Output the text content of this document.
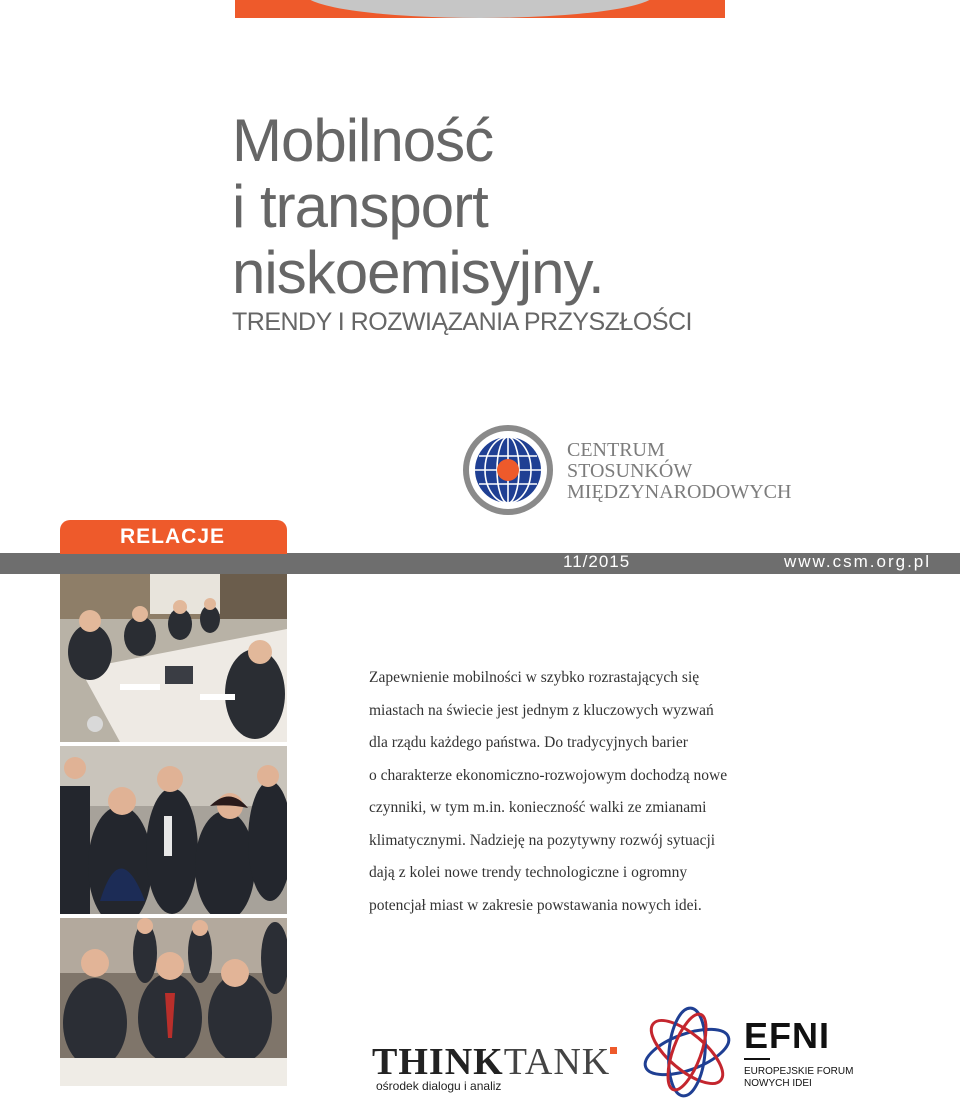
Mobilność
i transport
niskoemisyjny.
TRENDY I ROZWIĄZANIA PRZYSZŁOŚCI
CENTRUM
STOSUNKÓW
MIĘDZYNARODOWYCH
RELACJE
11/2015	www.csm.org.pl
Zapewnienie mobilności w szybko rozrastających się
miastach na świecie jest jednym z kluczowych wyzwań
dla rządu każdego państwa. Do tradycyjnych barier
o charakterze ekonomiczno-rozwojowym dochodzą nowe
czynniki, w tym m.in. konieczność walki ze zmianami
klimatycznymi. Nadzieję na pozytywny rozwój sytuacji
dają z kolei nowe trendy technologiczne i ogromny
potencjał miast w zakresie powstawania nowych idei.
THINKTANK
ośrodek dialogu i analiz
EFNI
EUROPEJSKIE FORUM
NOWYCH IDEI
